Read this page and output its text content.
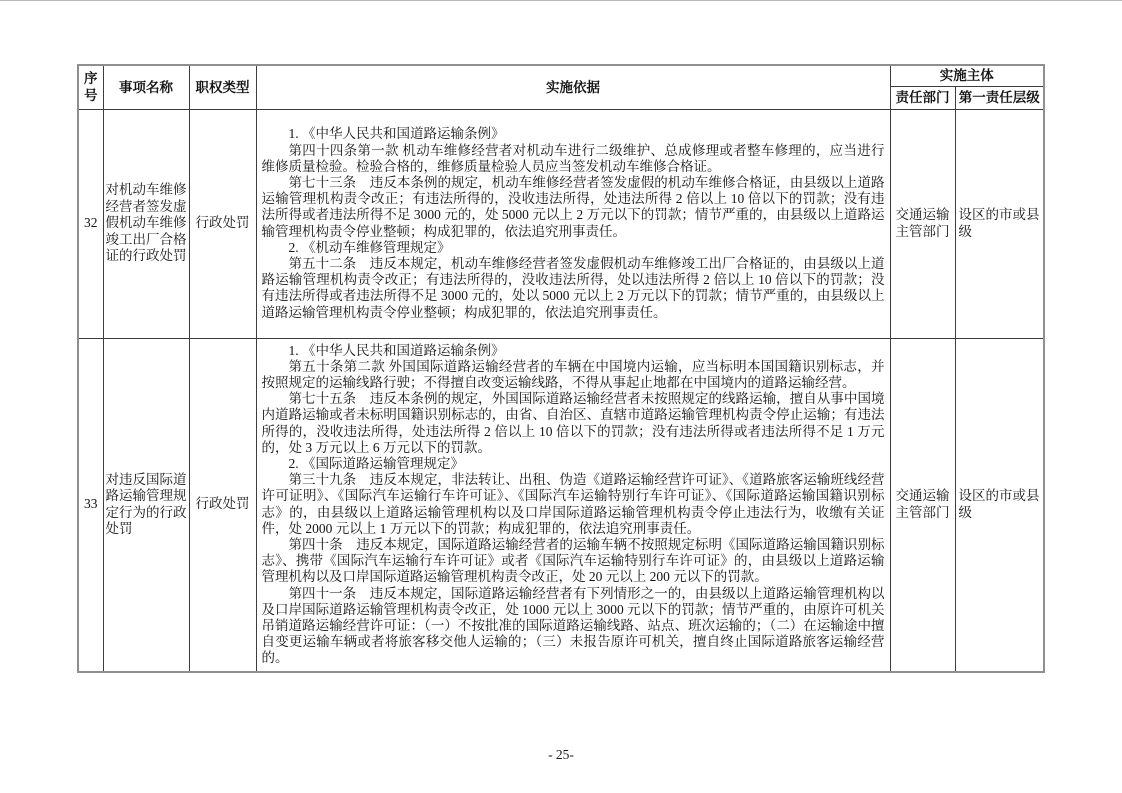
序号	事项名称	职权类型	实施依据	实施主体	
				责任部门	第一责任层级
32	对机动车维修经营者签发虚假机动车维修竣工出厂合格证的行政处罚	行政处罚	1. 《中华人民共和国道路运输条例》

第四十四条第一款 机动车维修经营者对机动车进行二级维护、总成修理或者整车修理的，应当进行维修质量检验。检验合格的，维修质量检验人员应当签发机动车维修合格证。

第七十三条　违反本条例的规定，机动车维修经营者签发虚假的机动车维修合格证，由县级以上道路运输管理机构责令改正；有违法所得的，没收违法所得，处违法所得 2 倍以上 10 倍以下的罚款；没有违法所得或者违法所得不足 3000 元的，处 5000 元以上 2 万元以下的罚款；情节严重的，由县级以上道路运输管理机构责令停业整顿；构成犯罪的，依法追究刑事责任。

2. 《机动车维修管理规定》

第五十二条　违反本规定，机动车维修经营者签发虚假机动车维修竣工出厂合格证的，由县级以上道路运输管理机构责令改正；有违法所得的，没收违法所得，处以违法所得 2 倍以上 10 倍以下的罚款；没有违法所得或者违法所得不足 3000 元的，处以 5000 元以上 2 万元以下的罚款；情节严重的，由县级以上道路运输管理机构责令停业整顿；构成犯罪的，依法追究刑事责任。	交通运输主管部门	设区的市或县级
33	对违反国际道路运输管理规定行为的行政处罚	行政处罚	

1. 《中华人民共和国道路运输条例》

第五十条第二款 外国国际道路运输经营者的车辆在中国境内运输，应当标明本国国籍识别标志，并按照规定的运输线路行驶；不得擅自改变运输线路，不得从事起止地都在中国境内的道路运输经营。

第七十五条　违反本条例的规定，外国国际道路运输经营者未按照规定的线路运输，擅自从事中国境内道路运输或者未标明国籍识别标志的，由省、自治区、直辖市道路运输管理机构责令停止运输；有违法所得的，没收违法所得，处违法所得 2 倍以上 10 倍以下的罚款；没有违法所得或者违法所得不足 1 万元的，处 3 万元以上 6 万元以下的罚款。

2. 《国际道路运输管理规定》

第三十九条　违反本规定，非法转让、出租、伪造《道路运输经营许可证》、《道路旅客运输班线经营许可证明》、《国际汽车运输行车许可证》、《国际汽车运输特别行车许可证》、《国际道路运输国籍识别标志》的，由县级以上道路运输管理机构以及口岸国际道路运输管理机构责令停止违法行为，收缴有关证件，处 2000 元以上 1 万元以下的罚款；构成犯罪的，依法追究刑事责任。

第四十条　违反本规定，国际道路运输经营者的运输车辆不按照规定标明《国际道路运输国籍识别标志》、携带《国际汽车运输行车许可证》或者《国际汽车运输特别行车许可证》的，由县级以上道路运输管理机构以及口岸国际道路运输管理机构责令改正，处 20 元以上 200 元以下的罚款。

第四十一条　违反本规定，国际道路运输经营者有下列情形之一的，由县级以上道路运输管理机构以及口岸国际道路运输管理机构责令改正，处 1000 元以上 3000 元以下的罚款；情节严重的，由原许可机关吊销道路运输经营许可证：（一）不按批准的国际道路运输线路、站点、班次运输的；（二）在运输途中擅自变更运输车辆或者将旅客移交他人运输的；（三）未报告原许可机关，擅自终止国际道路旅客运输经营的。

	交通运输主管部门	设区的市或县级
- 25-
